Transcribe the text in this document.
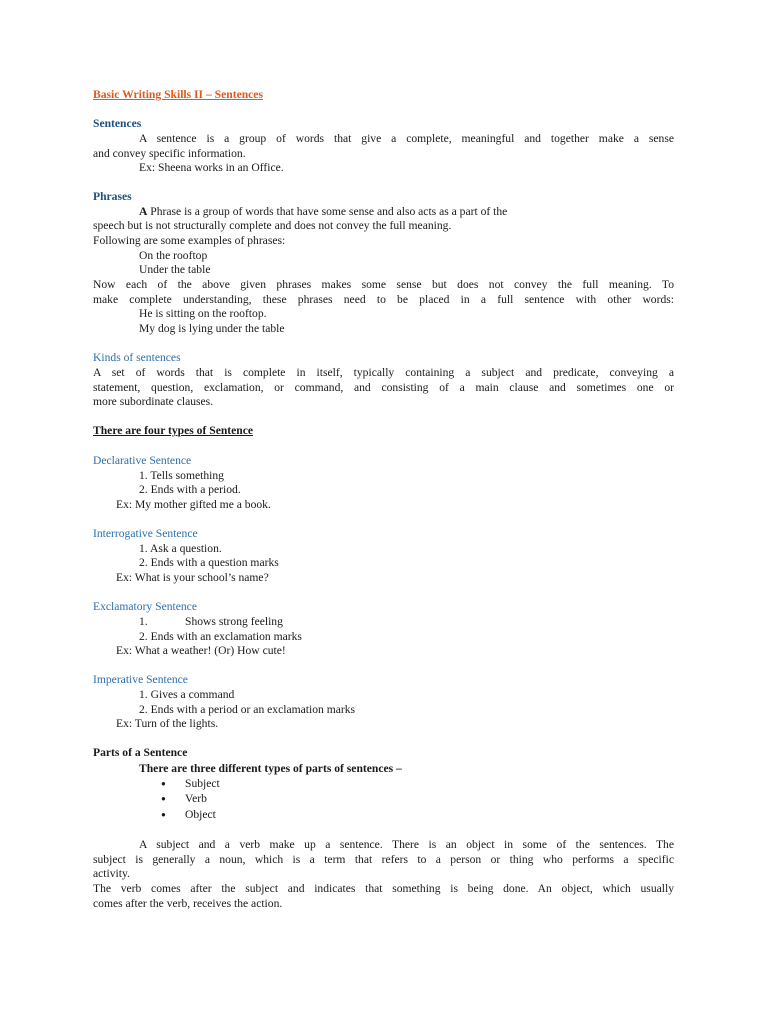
Basic Writing Skills II – Sentences
Sentences
A sentence is a group of words that give a complete, meaningful and together make a sense
and convey specific information.
Ex: Sheena works in an Office.
Phrases
A Phrase is a group of words that have some sense and also acts as a part of the
speech but is not structurally complete and does not convey the full meaning.
Following are some examples of phrases:
On the rooftop
Under the table
Now each of the above given phrases makes some sense but does not convey the full meaning. To
make complete understanding, these phrases need to be placed in a full sentence with other words:
He is sitting on the rooftop.
My dog is lying under the table
Kinds of sentences
A set of words that is complete in itself, typically containing a subject and predicate, conveying a
statement, question, exclamation, or command, and consisting of a main clause and sometimes one or
more subordinate clauses.
There are four types of Sentence
Declarative Sentence
1. Tells something
2. Ends with a period.
Ex: My mother gifted me a book.
Interrogative Sentence
1. Ask a question.
2. Ends with a question marks
Ex: What is your school’s name?
Exclamatory Sentence
1.	Shows strong feeling
2. Ends with an exclamation marks
Ex: What a weather! (Or) How cute!
Imperative Sentence
1. Gives a command
2. Ends with a period or an exclamation marks
Ex: Turn of the lights.
Parts of a Sentence
There are three different types of parts of sentences –
● Subject
● Verb
● Object
A subject and a verb make up a sentence. There is an object in some of the sentences. The
subject is generally a noun, which is a term that refers to a person or thing who performs a specific
activity.
The verb comes after the subject and indicates that something is being done. An object, which usually
comes after the verb, receives the action.
